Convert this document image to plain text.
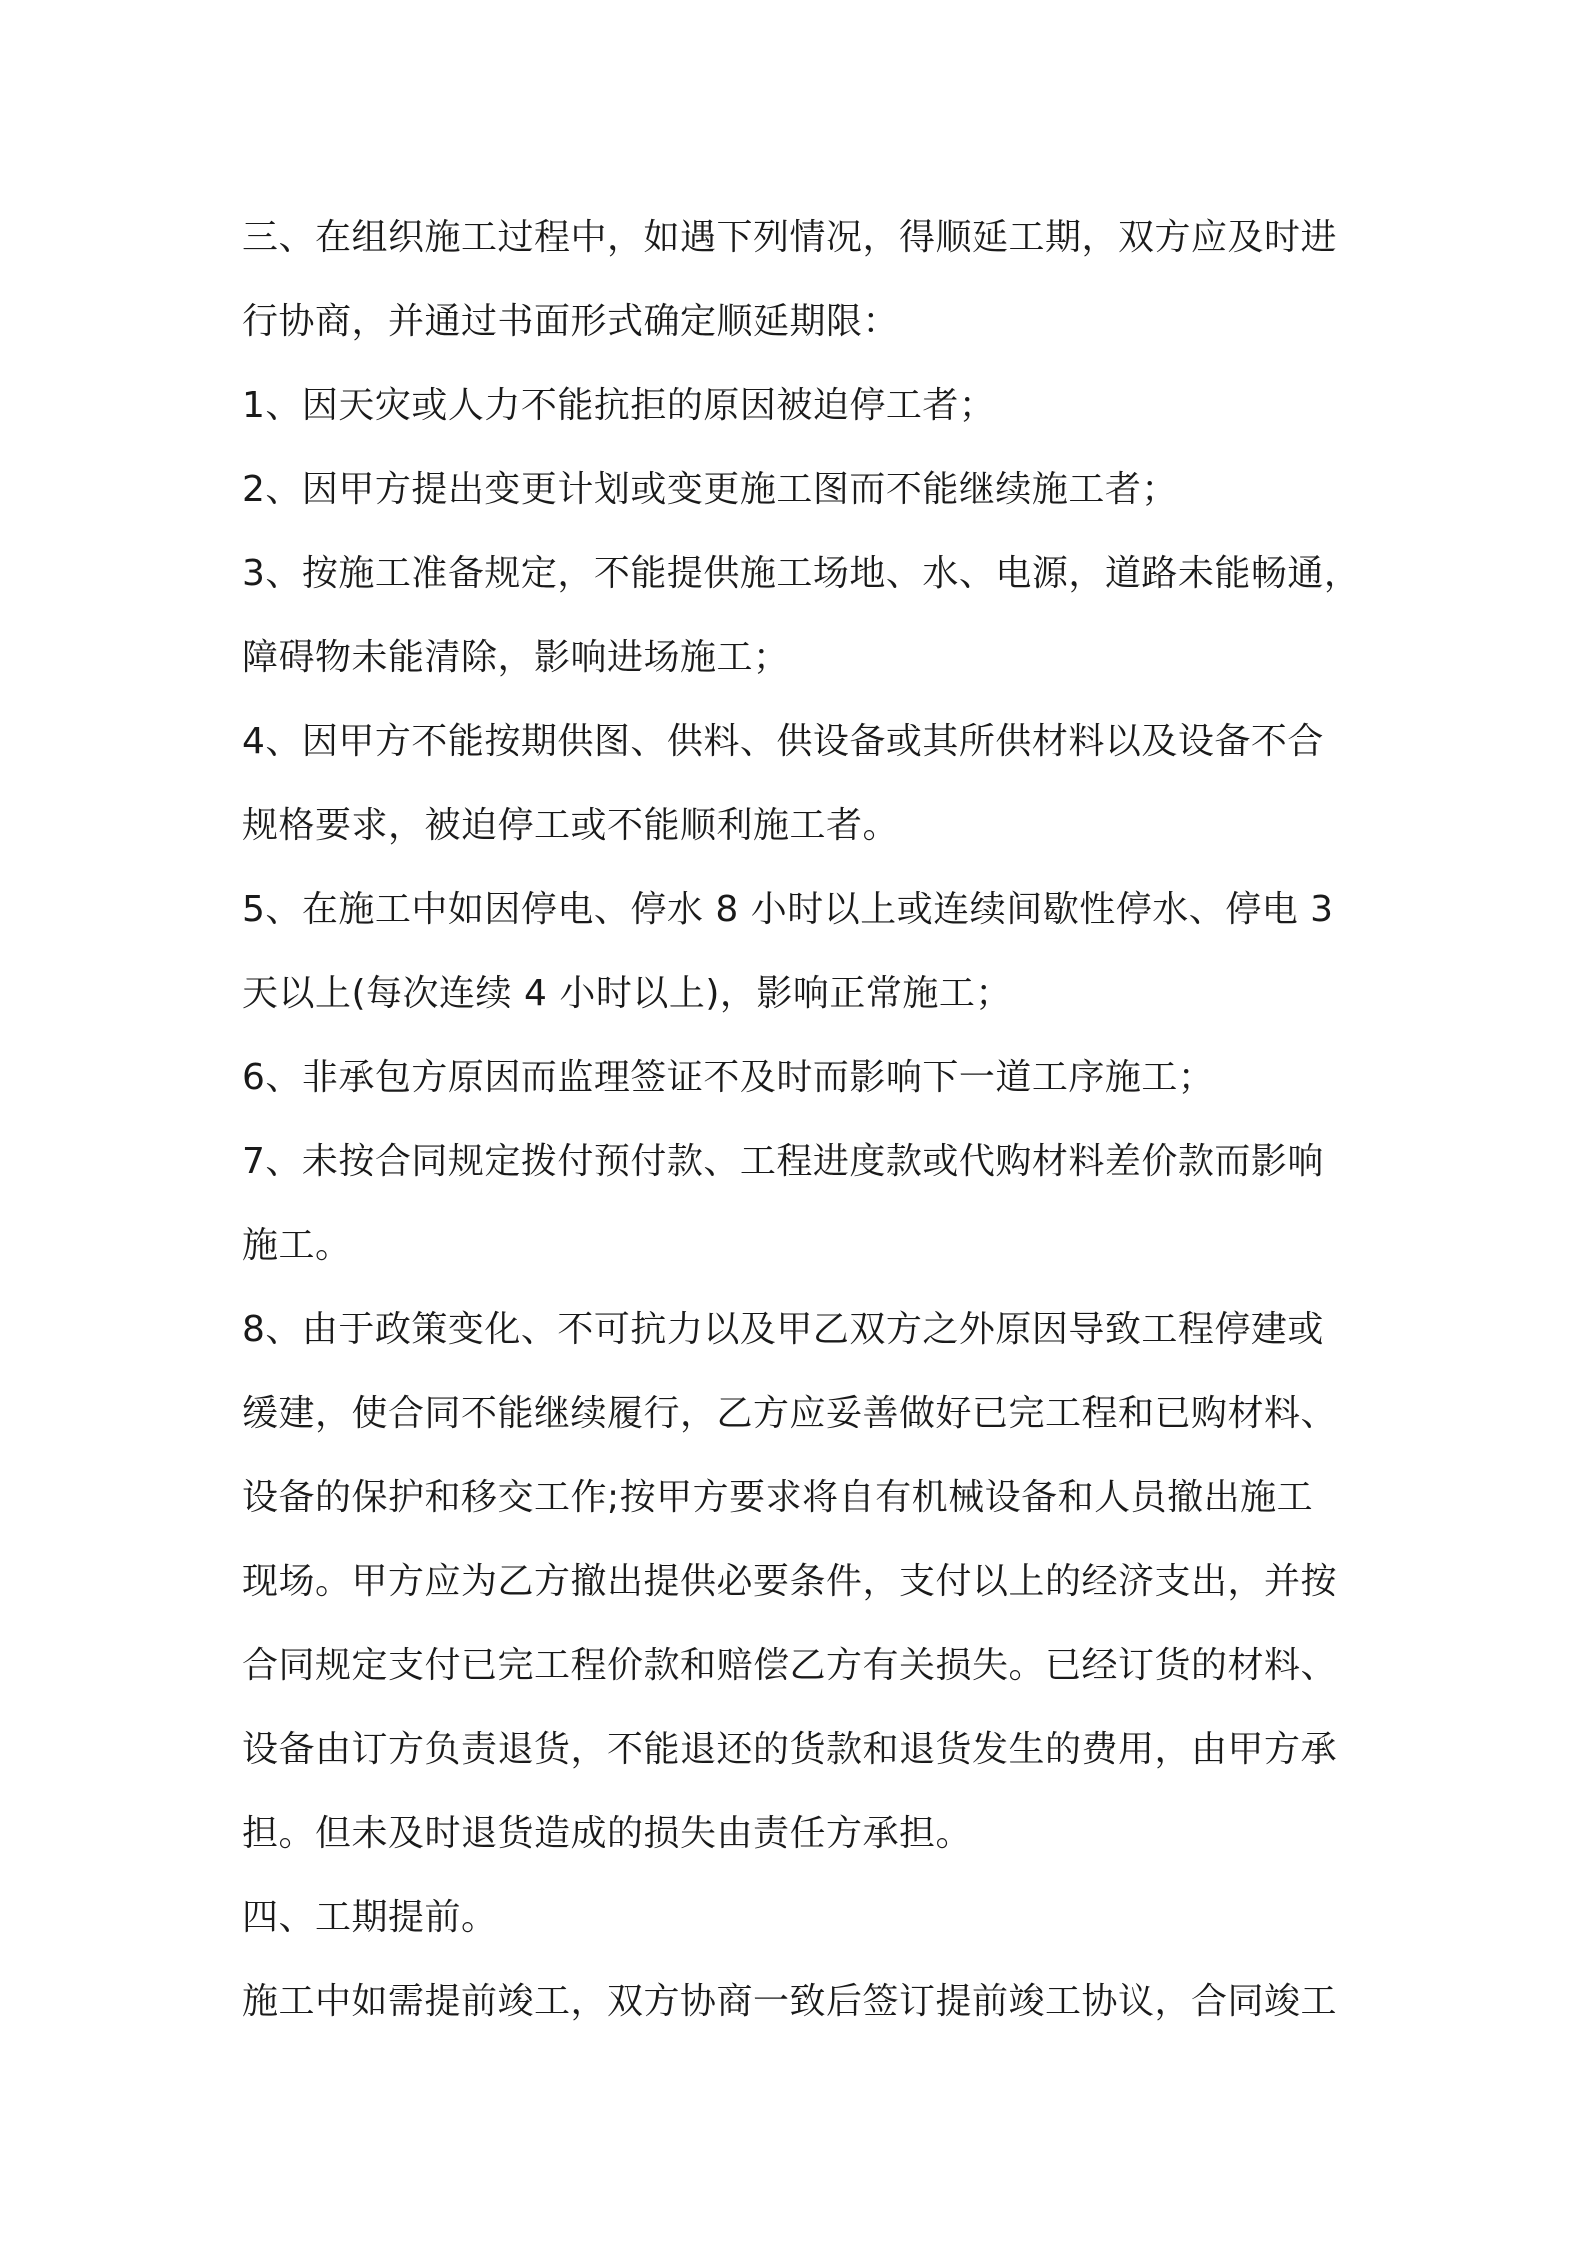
三、在组织施工过程中，如遇下列情况，得顺延工期，双方应及时进
行协商，并通过书面形式确定顺延期限：

1、因天灾或人力不能抗拒的原因被迫停工者；

2、因甲方提出变更计划或变更施工图而不能继续施工者；

3、按施工准备规定，不能提供施工场地、水、电源，道路未能畅通，
障碍物未能清除，影响进场施工；

4、因甲方不能按期供图、供料、供设备或其所供材料以及设备不合
规格要求，被迫停工或不能顺利施工者。

5、在施工中如因停电、停水 8 小时以上或连续间歇性停水、停电 3
天以上(每次连续 4 小时以上)，影响正常施工；

6、非承包方原因而监理签证不及时而影响下一道工序施工；

7、未按合同规定拨付预付款、工程进度款或代购材料差价款而影响
施工。

8、由于政策变化、不可抗力以及甲乙双方之外原因导致工程停建或
缓建，使合同不能继续履行，乙方应妥善做好已完工程和已购材料、
设备的保护和移交工作;按甲方要求将自有机械设备和人员撤出施工
现场。甲方应为乙方撤出提供必要条件，支付以上的经济支出，并按
合同规定支付已完工程价款和赔偿乙方有关损失。已经订货的材料、
设备由订方负责退货，不能退还的货款和退货发生的费用，由甲方承
担。但未及时退货造成的损失由责任方承担。

四、工期提前。

施工中如需提前竣工，双方协商一致后签订提前竣工协议，合同竣工
